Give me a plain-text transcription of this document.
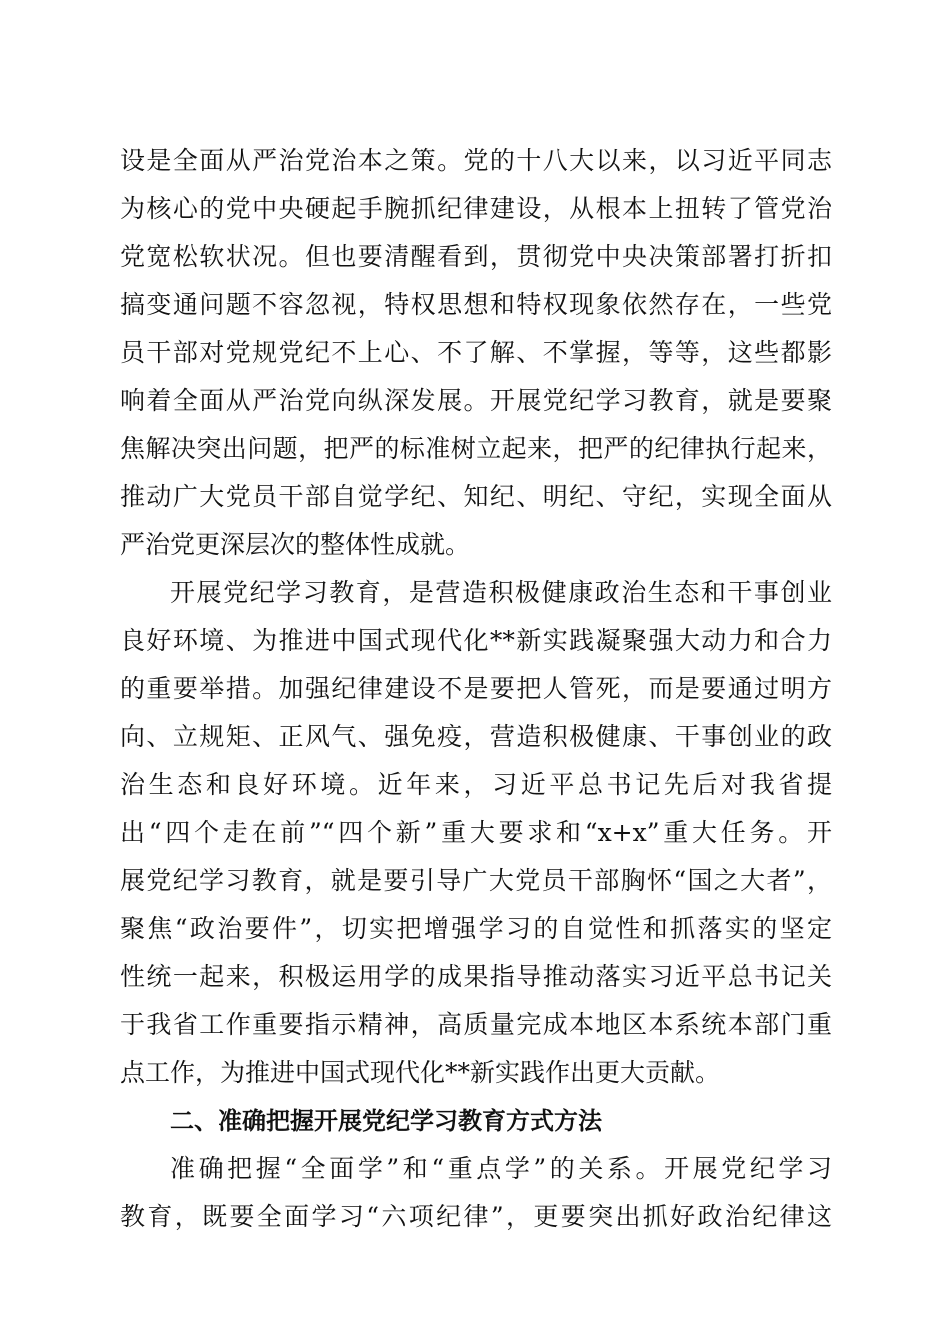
设是全面从严治党治本之策。党的十八大以来，以习近平同志
为核心的党中央硬起手腕抓纪律建设，从根本上扭转了管党治
党宽松软状况。但也要清醒看到，贯彻党中央决策部署打折扣
搞变通问题不容忽视，特权思想和特权现象依然存在，一些党
员干部对党规党纪不上心、不了解、不掌握，等等，这些都影
响着全面从严治党向纵深发展。开展党纪学习教育，就是要聚
焦解决突出问题，把严的标准树立起来，把严的纪律执行起来，
推动广大党员干部自觉学纪、知纪、明纪、守纪，实现全面从
严治党更深层次的整体性成就。
开展党纪学习教育，是营造积极健康政治生态和干事创业
良好环境、为推进中国式现代化**新实践凝聚强大动力和合力
的重要举措。加强纪律建设不是要把人管死，而是要通过明方
向、立规矩、正风气、强免疫，营造积极健康、干事创业的政
治生态和良好环境。近年来，习近平总书记先后对我省提
出“四个走在前”“四个新”重大要求和“x+x”重大任务。开
展党纪学习教育，就是要引导广大党员干部胸怀“国之大者”，
聚焦“政治要件”，切实把增强学习的自觉性和抓落实的坚定
性统一起来，积极运用学的成果指导推动落实习近平总书记关
于我省工作重要指示精神，高质量完成本地区本系统本部门重
点工作，为推进中国式现代化**新实践作出更大贡献。
二、准确把握开展党纪学习教育方式方法
准确把握“全面学”和“重点学”的关系。开展党纪学习
教育，既要全面学习“六项纪律”，更要突出抓好政治纪律这
